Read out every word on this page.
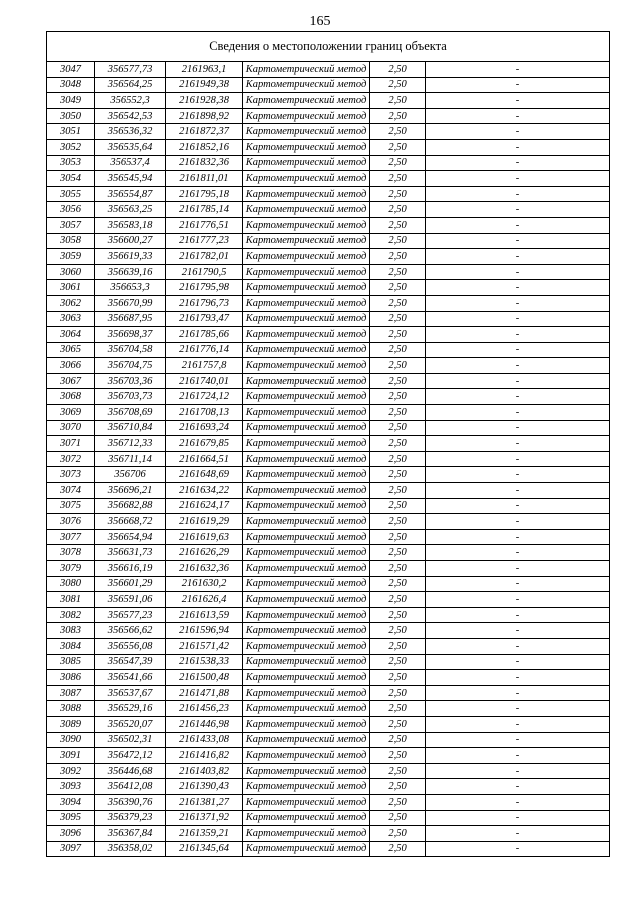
165
Сведения о местоположении границ объекта					
3047	356577,73	2161963,1	Картометрический метод	2,50	-
3048	356564,25	2161949,38	Картометрический метод	2,50	-
3049	356552,3	2161928,38	Картометрический метод	2,50	-
3050	356542,53	2161898,92	Картометрический метод	2,50	-
3051	356536,32	2161872,37	Картометрический метод	2,50	-
3052	356535,64	2161852,16	Картометрический метод	2,50	-
3053	356537,4	2161832,36	Картометрический метод	2,50	-
3054	356545,94	2161811,01	Картометрический метод	2,50	-
3055	356554,87	2161795,18	Картометрический метод	2,50	-
3056	356563,25	2161785,14	Картометрический метод	2,50	-
3057	356583,18	2161776,51	Картометрический метод	2,50	-
3058	356600,27	2161777,23	Картометрический метод	2,50	-
3059	356619,33	2161782,01	Картометрический метод	2,50	-
3060	356639,16	2161790,5	Картометрический метод	2,50	-
3061	356653,3	2161795,98	Картометрический метод	2,50	-
3062	356670,99	2161796,73	Картометрический метод	2,50	-
3063	356687,95	2161793,47	Картометрический метод	2,50	-
3064	356698,37	2161785,66	Картометрический метод	2,50	-
3065	356704,58	2161776,14	Картометрический метод	2,50	-
3066	356704,75	2161757,8	Картометрический метод	2,50	-
3067	356703,36	2161740,01	Картометрический метод	2,50	-
3068	356703,73	2161724,12	Картометрический метод	2,50	-
3069	356708,69	2161708,13	Картометрический метод	2,50	-
3070	356710,84	2161693,24	Картометрический метод	2,50	-
3071	356712,33	2161679,85	Картометрический метод	2,50	-
3072	356711,14	2161664,51	Картометрический метод	2,50	-
3073	356706	2161648,69	Картометрический метод	2,50	-
3074	356696,21	2161634,22	Картометрический метод	2,50	-
3075	356682,88	2161624,17	Картометрический метод	2,50	-
3076	356668,72	2161619,29	Картометрический метод	2,50	-
3077	356654,94	2161619,63	Картометрический метод	2,50	-
3078	356631,73	2161626,29	Картометрический метод	2,50	-
3079	356616,19	2161632,36	Картометрический метод	2,50	-
3080	356601,29	2161630,2	Картометрический метод	2,50	-
3081	356591,06	2161626,4	Картометрический метод	2,50	-
3082	356577,23	2161613,59	Картометрический метод	2,50	-
3083	356566,62	2161596,94	Картометрический метод	2,50	-
3084	356556,08	2161571,42	Картометрический метод	2,50	-
3085	356547,39	2161538,33	Картометрический метод	2,50	-
3086	356541,66	2161500,48	Картометрический метод	2,50	-
3087	356537,67	2161471,88	Картометрический метод	2,50	-
3088	356529,16	2161456,23	Картометрический метод	2,50	-
3089	356520,07	2161446,98	Картометрический метод	2,50	-
3090	356502,31	2161433,08	Картометрический метод	2,50	-
3091	356472,12	2161416,82	Картометрический метод	2,50	-
3092	356446,68	2161403,82	Картометрический метод	2,50	-
3093	356412,08	2161390,43	Картометрический метод	2,50	-
3094	356390,76	2161381,27	Картометрический метод	2,50	-
3095	356379,23	2161371,92	Картометрический метод	2,50	-
3096	356367,84	2161359,21	Картометрический метод	2,50	-
3097	356358,02	2161345,64	Картометрический метод	2,50	-
